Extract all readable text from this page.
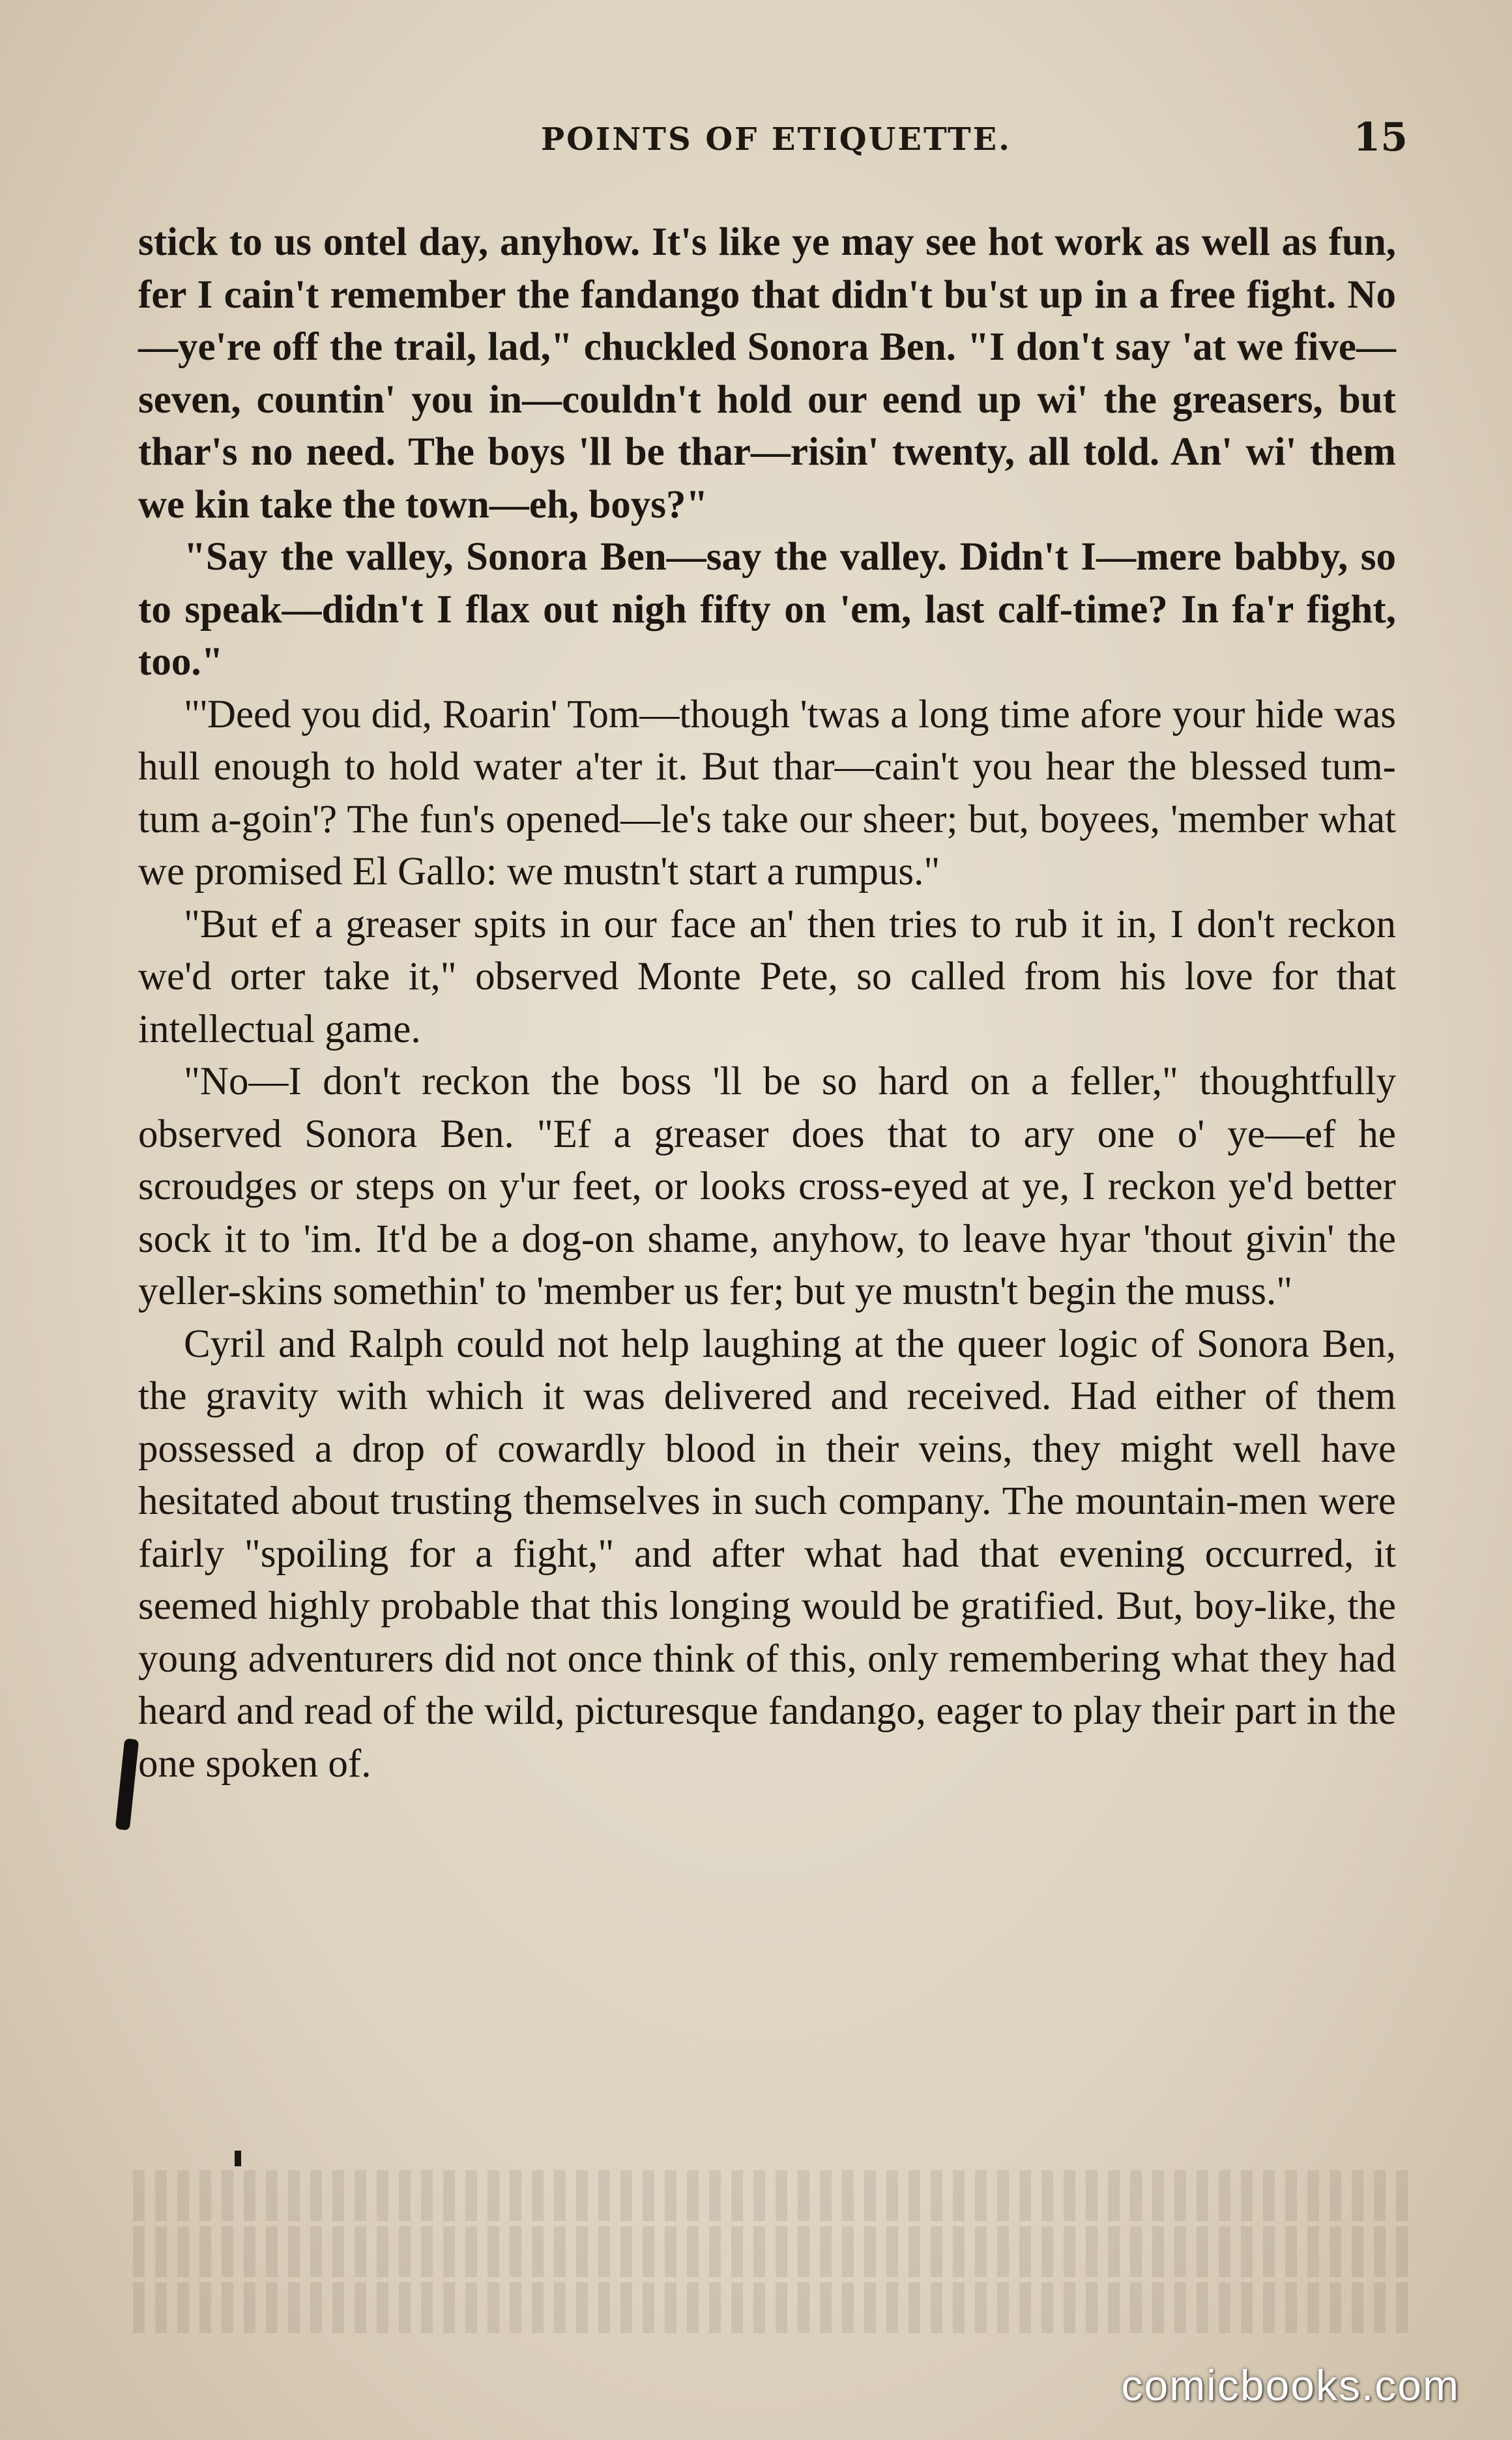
POINTS OF ETIQUETTE.	15

stick to us ontel day, anyhow. It's like ye may see hot work as well as fun, fer I cain't remember the fandango that didn't bu'st up in a free fight. No—ye're off the trail, lad," chuckled Sonora Ben. "I don't say 'at we five—seven, countin' you in—couldn't hold our eend up wi' the greasers, but thar's no need. The boys 'll be thar—risin' twenty, all told. An' wi' them we kin take the town—eh, boys?"

"Say the valley, Sonora Ben—say the valley. Didn't I—mere babby, so to speak—didn't I flax out nigh fifty on 'em, last calf-time? In fa'r fight, too."

"'Deed you did, Roarin' Tom—though 'twas a long time afore your hide was hull enough to hold water a'ter it. But thar—cain't you hear the blessed tum-tum a-goin'? The fun's opened—le's take our sheer; but, boyees, 'member what we promised El Gallo: we mustn't start a rumpus."

"But ef a greaser spits in our face an' then tries to rub it in, I don't reckon we'd orter take it," observed Monte Pete, so called from his love for that intellectual game.

"No—I don't reckon the boss 'll be so hard on a feller," thoughtfully observed Sonora Ben. "Ef a greaser does that to ary one o' ye—ef he scroudges or steps on y'ur feet, or looks cross-eyed at ye, I reckon ye'd better sock it to 'im. It'd be a dog-on shame, anyhow, to leave hyar 'thout givin' the yeller-skins somethin' to 'member us fer; but ye mustn't begin the muss."

Cyril and Ralph could not help laughing at the queer logic of Sonora Ben, the gravity with which it was delivered and received. Had either of them possessed a drop of cowardly blood in their veins, they might well have hesitated about trusting themselves in such company. The mountain-men were fairly "spoiling for a fight," and after what had that evening occurred, it seemed highly probable that this longing would be gratified. But, boy-like, the young adventurers did not once think of this, only remembering what they had heard and read of the wild, picturesque fandango, eager to play their part in the one spoken of.

comicbooks.com
